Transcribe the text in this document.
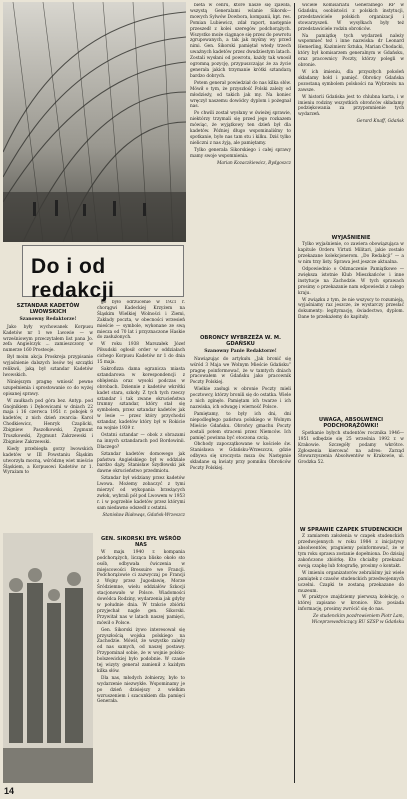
Do i od redakcji
SZTANDAR KADETÓW LWOWSKICH
Szanowny Redaktorze!

Jako były wychowanek Korpusu Kadetów nr 1 we Lwowie — w wrześniowym przeczytałem list pana Jo. zefa Angielczyk ... zamieszczony w numerze 160 Prosteoje.

Był moim akcja Proskreja przypisanie wyjaśnienie dalszych losów tej szczątki relikwii, jaką był sztandar Kadetów lwowskich.

Niniejszym pragnę wniosić pewne uzupełnienia i sprostowanie co do wyżej opisanej sprawy.

W zaułkach pod góra bez. Antyp. pod Gnojnikiem i Dębowicami w dniach 22 maja i 16 czerwca 1951 r. pobojek 9 kadetów, z nich dzień zwarcia: Karol Chodkiewicz, Henryk Czaplicki, Zbigniew Paszołkowski, Zygmunt Truszkowski, Zygmunt Zakrzewski i Zbigniew Zakrzewski.

Kiedy przebiegła gorzy lwowskich kadetów w III Powstaniu Śląskim utworzyła mocną, wśródznę wiet mieście Śląskiem, a Korpusowi Kadetów nr 1. Wyrażam to

go było odrzucenie w 1921 r. chorągwi Kadeckiej Krzyżem na Śląskim Wielkiej Wolności i Ziemi, Zakłady poczta, w obecności wrzesień mieście — symbole, wykonane ze swą miecza od 70 lat i przyznaczone Haskie do zasłużonych.

W roku 1938 Marszałek Józef Piłsudski ogłosił order w oddziałach cichego Korpusu Kadetów nr 1 do dnia 15 maja.

Sakrofizza dama ogranicza miasta sztandarowa w korespondencji z oblężenia oraz wysoki podczas w obrobach. Dziennie z kadetów wkrótki kadet stara, szkoły. Z tych tych rzeczy sztandar i tak zwane okrucieństwa trumny sztandar, który stał się symbolem, przez sztandar kadetów jak w lesie — przez który przychodzi sztandar, kadetów który był w Rokicie na wojnie 1939 r.

Ostatni sztandar — obok z obrazami na innych sztandarach pod Bordowinii. Dlaczego?

Sztandar kadetów domowego jak państwa Angielskiego był w oddziale bardzo dąży. Stanisław Szydłowski jak dawne okrucieństwo przedmiotu.

Sztandar był widziany przez kadetów Lwowa. Możemy zobaczyć z tymi mierzyć od wykopania brzeżących zwłok, wybrali pół pod Lwowem w 1953 r. i w pogrzebie kadetów przez którymi sam niedawno odszedł z ostatni.

Stanisław Białowąs, Gdańsk-Wrzeszcz
GEN. SIKORSKI BYŁ WŚRÓD NAS

W maju 1940 r. kompania podchorążych, licząca blisko około sto osób, odbywała ćwiczenia w miejscowości Bressuire we Francji. Podchorążowie ci zazwyczaj po Francji z Wojny przez Jugosławię, Morze Śródziemne, wielu oddziałów Szkocji stacjonowało w Polsce. Wiadomości dowódca Rodziny, wydarzenia jak gdyby w południe dnia. W trakcie zbiórki przyjechał nagle gen. Sikorski. Przywitał nas w latach naszej pamięci, mówił o Polsce.

Gen. Sikorski żywo interesował się przyszłością wojska polskiego na Zachodzie. Mówił, że wszystko zależy od nas samych, od naszej postawy. Przypominał sobie, że w wojnie polsko-bolszewickiej było podobnie. W czasie tej wizyty generał zamienił z każdym kilka słów.

Dla nas, młodych żołnierzy, było to wydarzenie niezwykłe. Wspominamy je po dzień dzisiejszy z wielkim wzruszeniem i szacunkiem dla pamięci Generała.

bieta w cenru, które nasze się zjawiła, wszystą Generalami wśanie Sikorsk— mowych Sylwów Dowbora, kompanii, kpt. res. Pomian Lubiewicz, zdał raport, następnie przeszedł z kolei szeregów podchorążych. Wszystko może ciągnące się przez do powrotu zgrupowanych, a tak jak myśmy wy przed nimi. Gen. Sikorski pamiętał wtedy trzech uważnych kadetów przez dwudziestym latach. Zostali wysłani od powrotu, każdy tak wnosił ogromną pozycję, przypuszczając że za życie generała jakich trzymanie krótki sztandarą bardzo dobrych.

Potem generał powiedział do nas kilka słów. Mówił o tym, że przyszłość Polski zależy od młodzieży, od takich jak my. Na koniec wręczył naszemu dowódcy dyplom i pożegnał nas.

Po chwili został wysłany w świeżej sprawie, niektórzy trzymali się przed jego rozkazem mówiąc, że wyjątkowy ten dzień był dla kadetów. Później długo wspominaliśmy to spotkanie, było nas tam stu i kilku. Dziś tylko nieliczni z nas żyją, ale pamiętamy.

Tylko generała Sikorskiego i całej sprawy mamy swoje wspomnienia.

Marian Kozaczkiewicz, Bydgoszcz
OBRONCY WYBRZEŻA W. M. GDAŃSKU
Szanowny Panie Redaktorze!

Nawiązując do artykułu „Jak bronić się wśród 3 Maja we Wolnym Mieście Gdańsku” pragnę poinformować, że w tamtych dniach pracowałem w Gdańsku jako pracownik Poczty Polskiej.

Wielkie zasługi w obronie Poczty mieli pocztowcy, którzy bronili się do ostatka. Wiele z nich zginęło. Pamiętam ich twarze i ich nazwiska, ich odwagę i wierność Polsce.

Pamiętamy, to były ich dni, dni niepodległego państwa polskiego w Wolnym Mieście Gdańsku. Obrońcy gmachu Poczty zostali potem straceni przez Niemców. Ich pamięć powinna być otoczona czcią.

Obchody zapoczątkowane w kościele św. Stanisława w Gdańsku-Wrzeszczu, gdzie odbywa się uroczysta msza św. Następnie składane są kwiaty przy pomniku Obrońców Poczty Polskiej.

wiciele Komisariatu Generalnego RP w Gdańsku, osobistości z polskich instytucji, przedstawiciele polskich organizacji i stowarzyszeń. W wysyłkach były też przedstawiciele rodzin obrońców.

Na pamiątkę tych wydarzeń należy wspomnieć też i inne nazwiska: dr Leonard Hemerling, Kazimierz Sztuka, Marian Chodacki, który był komisarzem generalnym w Gdańsku, oraz pracownicy Poczty, którzy polegli w obronie.

W ich imieniu, dla przyszłych pokoleń składamy hołd i pamięć. Obrońcy Gdańska pozostaną symbolem polskości na Wybrzeżu na zawsze.

W historii Gdańska jest to chlubna karta, i w imieniu rodziny wszystkich obrońców składamy podziękowania za przypomnienie tych wydarzeń.

Gerard Knaff, Gdańsk
WYJAŚNIENIE

Tylko wyjaśnienie, co zawiera obowiązująca w kapitule Orderu Virtuti Militari, jakie zostało przekazane kolekcjonerom. „Do Redakcji” — a w nim trzy listy. Sprawa jest jeszcze aktualna.

Odpowiednio o Odznaczenie Pamiątkowe — zwiększa istotnie Klub Mieszkańców i inne instytucje na Zachodzie. W tych sprawach prosimy o przekazanie nam odpowiedzi z całego kraju.

W związku z tym, że nie wszyscy to rozumieją, wyjaśniamy raz jeszcze, że wystarczy przesłać dokumenty: legitymację, świadectwo, dyplom. Dane te przekażemy do kapituły.

UWAGA, ABSOLWENCI PODCHORĄŻÓWKI!

Spotkanie byłych studentów rocznika 1946—1951 odbędzie się 25 września 1992 r. w Krakowie. Szczegóły podamy wkrótce. Zgłoszenia kierować na adres: Zarząd Stowarzyszenia Absolwentów w Krakowie, ul. Grodzka 52.

W SPRAWIE CZAPEK STUDENCKICH

Z zamiarem założenia w czapek studenckich przedwojennych w roku 1984 z inicjatywy absolwentów, pragniemy poinformować, że w tym roku sprawa zostanie dopełniona. Do dzisiaj zakończono zbiórkę. Kto chciałby przekazać swoją czapkę lub fotografię, prosimy o kontakt.

W imieniu organizatorów zebraliśmy już wiele pamiątek z czasów studenckich przedwojennych uczelni. Czapki te zostaną przekazane do muzeum.

W praktyce znajdziemy pierwszą kolekcję, o której zapisano w kronice. Kto posiada informację, prosimy zwrócić się do nas.

Ze studenckim pozdrowieniem Piotr Lam, Wiceprzewodniczący RU SZSP w Gdańsku
14
